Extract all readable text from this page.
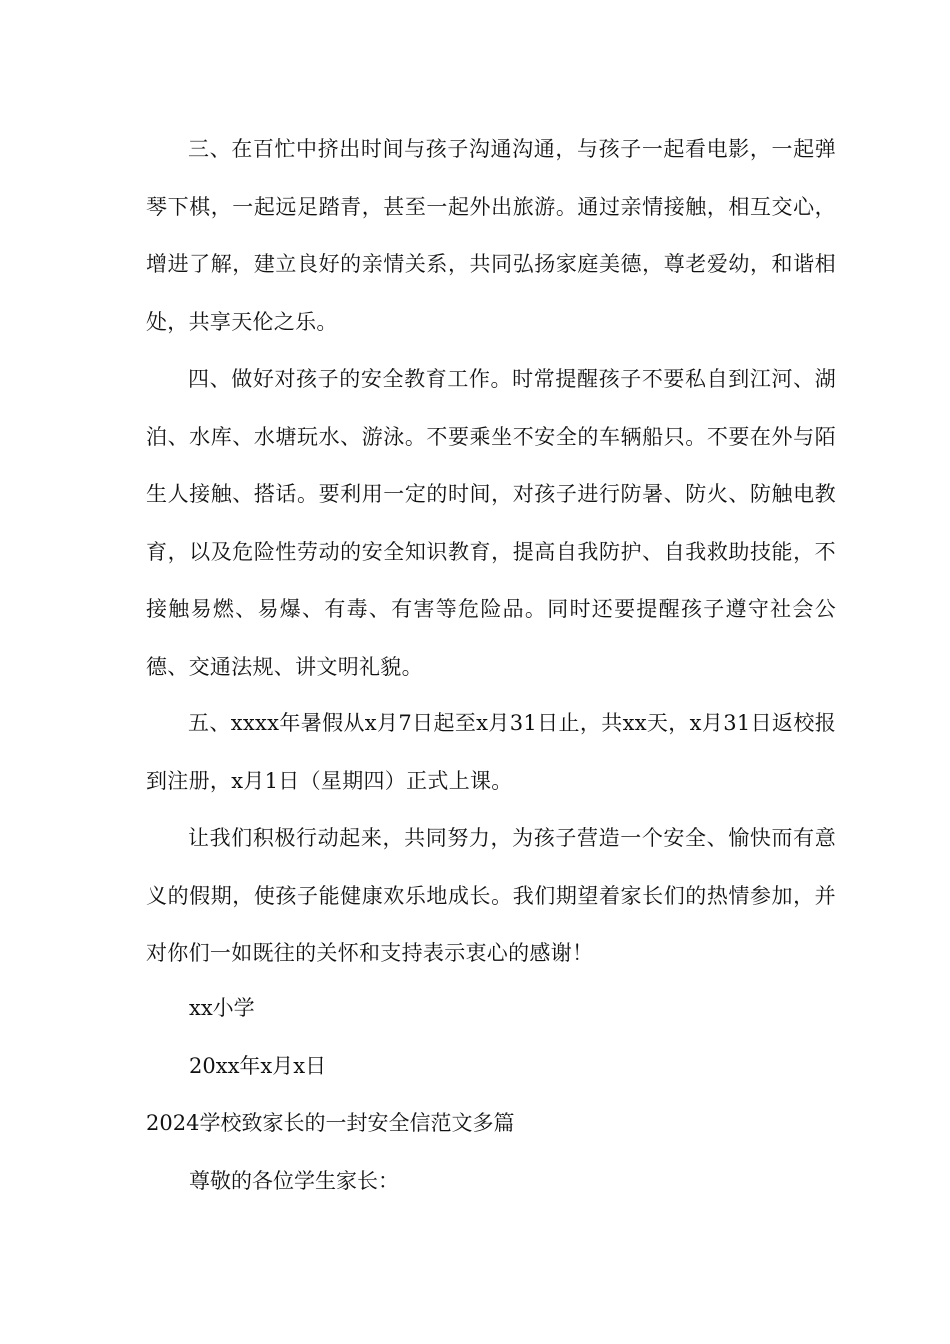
三、在百忙中挤出时间与孩子沟通沟通，与孩子一起看电影，一起弹琴下棋，一起远足踏青，甚至一起外出旅游。通过亲情接触，相互交心，增进了解，建立良好的亲情关系，共同弘扬家庭美德，尊老爱幼，和谐相处，共享天伦之乐。

四、做好对孩子的安全教育工作。时常提醒孩子不要私自到江河、湖泊、水库、水塘玩水、游泳。不要乘坐不安全的车辆船只。不要在外与陌生人接触、搭话。要利用一定的时间，对孩子进行防暑、防火、防触电教育，以及危险性劳动的安全知识教育，提高自我防护、自我救助技能，不接触易燃、易爆、有毒、有害等危险品。同时还要提醒孩子遵守社会公德、交通法规、讲文明礼貌。

五、xxxx年暑假从x月7日起至x月31日止，共xx天，x月31日返校报到注册，x月1日（星期四）正式上课。

让我们积极行动起来，共同努力，为孩子营造一个安全、愉快而有意义的假期，使孩子能健康欢乐地成长。我们期望着家长们的热情参加，并对你们一如既往的关怀和支持表示衷心的感谢！

xx小学
20xx年x月x日
2024学校致家长的一封安全信范文多篇
尊敬的各位学生家长：
